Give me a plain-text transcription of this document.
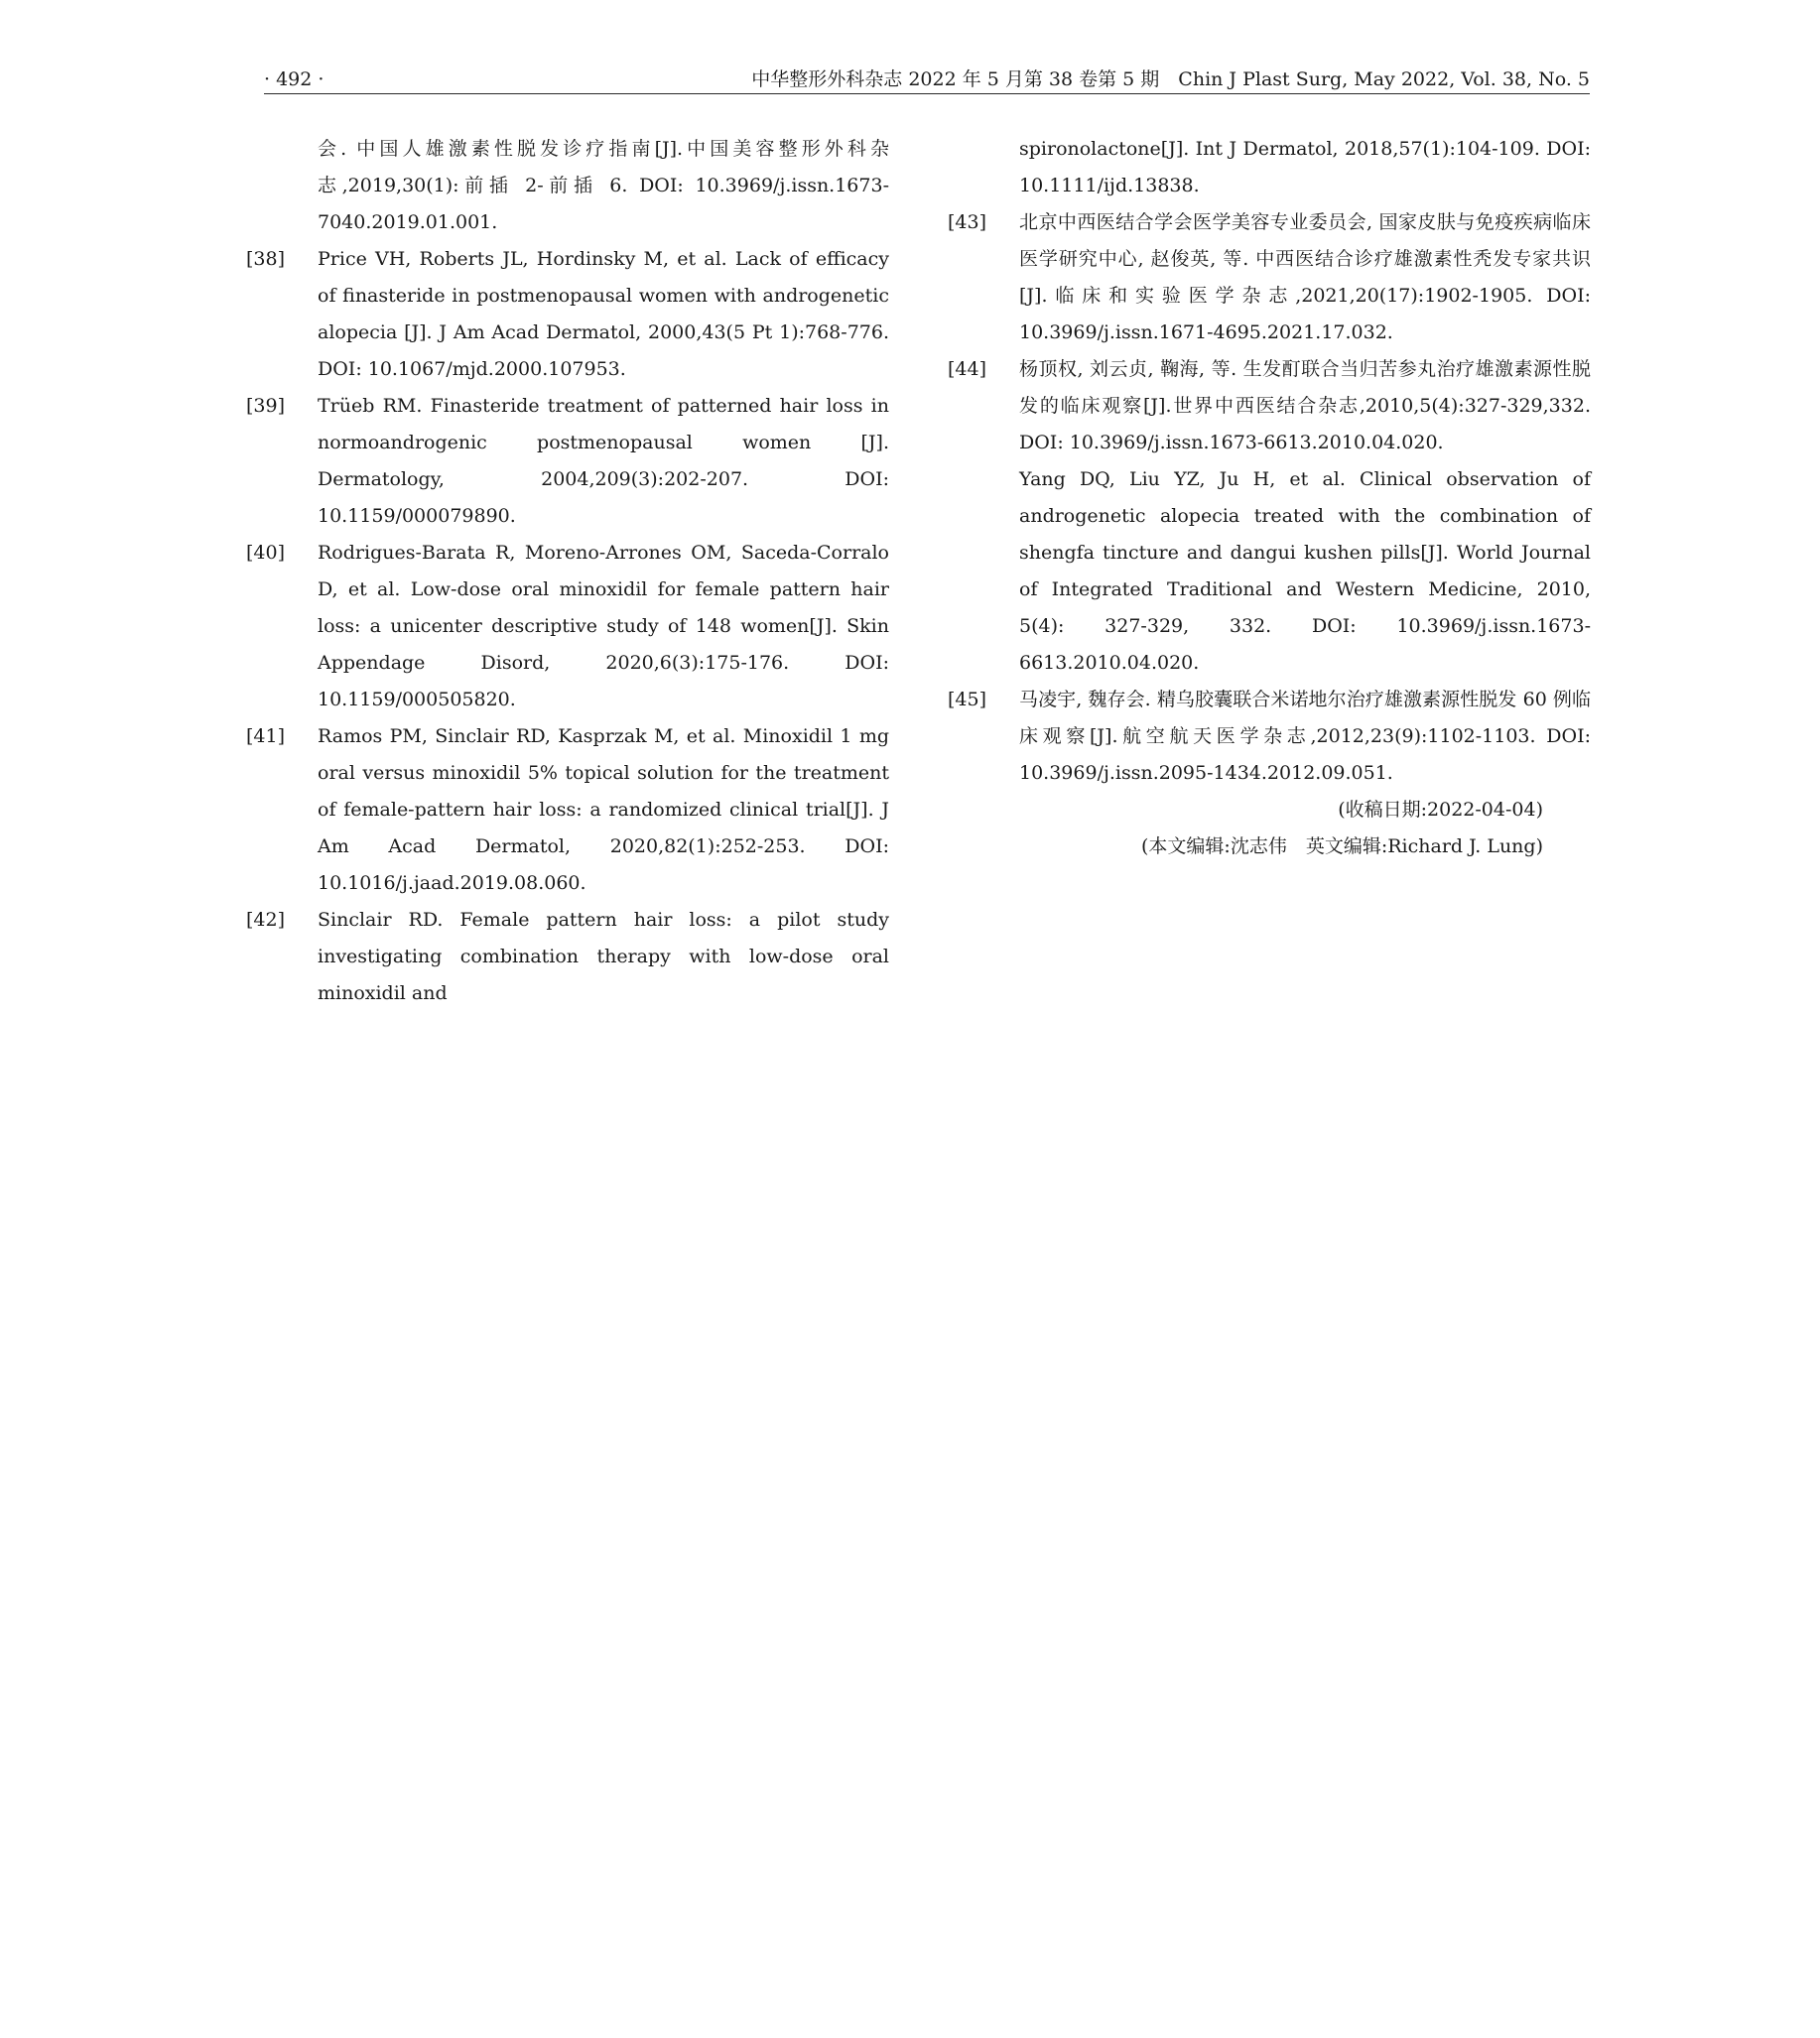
· 492 ·	中华整形外科杂志 2022 年 5 月第 38 卷第 5 期　Chin J Plast Surg, May 2022, Vol. 38, No. 5
会. 中国人雄激素性脱发诊疗指南[J].中国美容整形外科杂志,2019,30(1):前插 2-前插 6. DOI: 10.3969/j.issn.1673-7040.2019.01.001.
[38] Price VH, Roberts JL, Hordinsky M, et al. Lack of efficacy of finasteride in postmenopausal women with androgenetic alopecia [J]. J Am Acad Dermatol, 2000,43(5 Pt 1):768-776. DOI: 10.1067/mjd.2000.107953.
[39] Trüeb RM. Finasteride treatment of patterned hair loss in normoandrogenic postmenopausal women [J]. Dermatology, 2004,209(3):202-207. DOI: 10.1159/000079890.
[40] Rodrigues-Barata R, Moreno-Arrones OM, Saceda-Corralo D, et al. Low-dose oral minoxidil for female pattern hair loss: a unicenter descriptive study of 148 women[J]. Skin Appendage Disord, 2020,6(3):175-176. DOI: 10.1159/000505820.
[41] Ramos PM, Sinclair RD, Kasprzak M, et al. Minoxidil 1 mg oral versus minoxidil 5% topical solution for the treatment of female-pattern hair loss: a randomized clinical trial[J]. J Am Acad Dermatol, 2020,82(1):252-253. DOI: 10.1016/j.jaad.2019.08.060.
[42] Sinclair RD. Female pattern hair loss: a pilot study investigating combination therapy with low-dose oral minoxidil and
spironolactone[J]. Int J Dermatol, 2018,57(1):104-109. DOI: 10.1111/ijd.13838.
[43] 北京中西医结合学会医学美容专业委员会, 国家皮肤与免疫疾病临床医学研究中心, 赵俊英, 等. 中西医结合诊疗雄激素性秃发专家共识[J].临床和实验医学杂志,2021,20(17):1902-1905. DOI: 10.3969/j.issn.1671-4695.2021.17.032.
[44] 杨顶权, 刘云贞, 鞠海, 等. 生发酊联合当归苦参丸治疗雄激素源性脱发的临床观察[J].世界中西医结合杂志,2010,5(4):327-329,332. DOI: 10.3969/j.issn.1673-6613.2010.04.020.
Yang DQ, Liu YZ, Ju H, et al. Clinical observation of androgenetic alopecia treated with the combination of shengfa tincture and dangui kushen pills[J]. World Journal of Integrated Traditional and Western Medicine, 2010, 5(4): 327-329, 332. DOI: 10.3969/j.issn.1673-6613.2010.04.020.
[45] 马凌宇, 魏存会. 精乌胶囊联合米诺地尔治疗雄激素源性脱发 60 例临床观察[J].航空航天医学杂志,2012,23(9):1102-1103. DOI: 10.3969/j.issn.2095-1434.2012.09.051.
(收稿日期:2022-04-04)
(本文编辑:沈志伟　英文编辑:Richard J. Lung)
